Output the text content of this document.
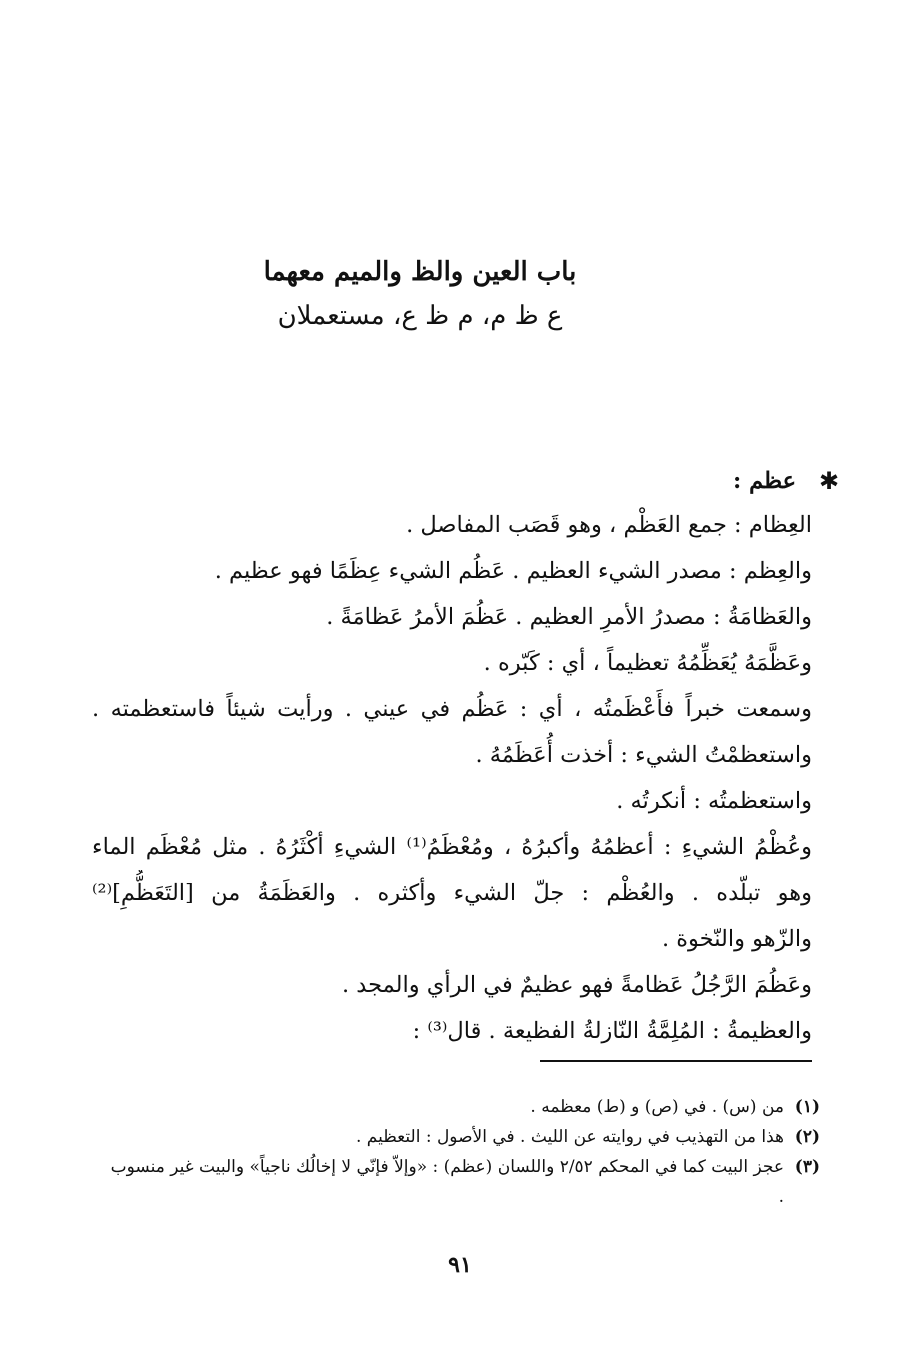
باب العين والظ والميم معهما
ع ظ م، م ظ ع، مستعملان
✱
عظم :
العِظام : جمع العَظْم ، وهو قَصَب المفاصل .
والعِظم : مصدر الشيء العظيم . عَظُم الشيء عِظَمًا فهو عظيم .
والعَظامَةُ : مصدرُ الأمرِ العظيم . عَظُمَ الأمرُ عَظامَةً .
وعَظَّمَهُ يُعَظِّمُهُ تعظيماً ، أي : كَبّره .
وسمعت خبراً فأَعْظَمتُه ، أي : عَظُم في عيني . ورأيت شيئاً فاستعظمته .
واستعظمْتُ الشيء : أخذت أُعَظَمُهُ .
واستعظمتُه : أنكرتُه .
وعُظْمُ الشيءِ : أعظمُهُ وأكبرُهُ ، ومُعْظَمُ⁽¹⁾ الشيءِ أكْثَرُهُ . مثل مُعْظَم الماء
وهو تبلّده . والعُظْم : جلّ الشيء وأكثره . والعَظَمَةُ من [التَعَظُّمِ]⁽²⁾
والزّهو والنّخوة .
وعَظُمَ الرَّجُلُ عَظامةً فهو عظيمٌ في الرأي والمجد .
والعظيمةُ : المُلِمَّةُ النّازلةُ الفظيعة . قال⁽³⁾ :
(١)
من (س) . في (ص) و (ط) معظمه .
(٢)
هذا من التهذيب في روايته عن الليث . في الأصول : التعظيم .
(٣)
عجز البيت كما في المحكم ٢/٥٢ واللسان (عظم) : «وإلاّ فإنّي لا إخالُك ناجياً» والبيت غير منسوب .
٩١
